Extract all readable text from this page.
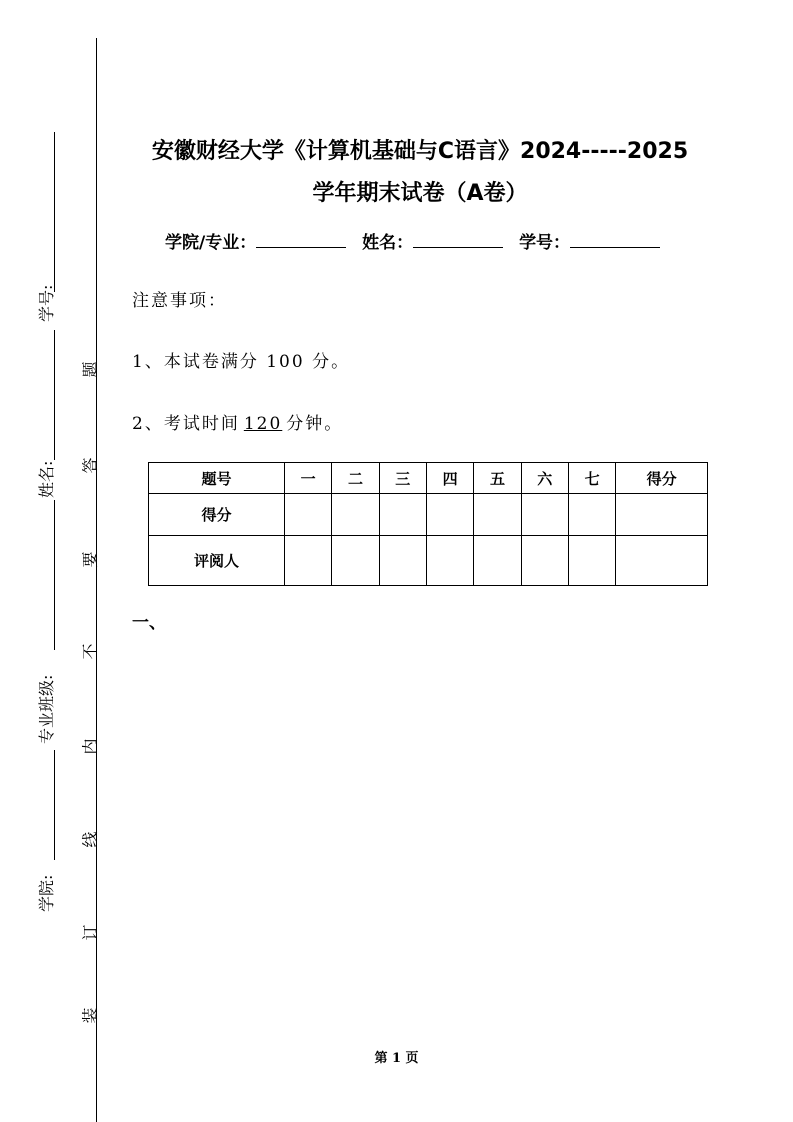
学号:
姓名:
专业班级:
学院:
题
答
要
不
内
线
订
装
安徽财经大学《计算机基础与C语言》2024-----2025
学年期末试卷（A卷）
学院/专业：	姓名：	学号：
注意事项：
1、本试卷满分 100 分。
2、考试时间 120 分钟。
题号	一	二	三	四	五	六	七	得分
得分								
评阅人								
一、
第 1 页
